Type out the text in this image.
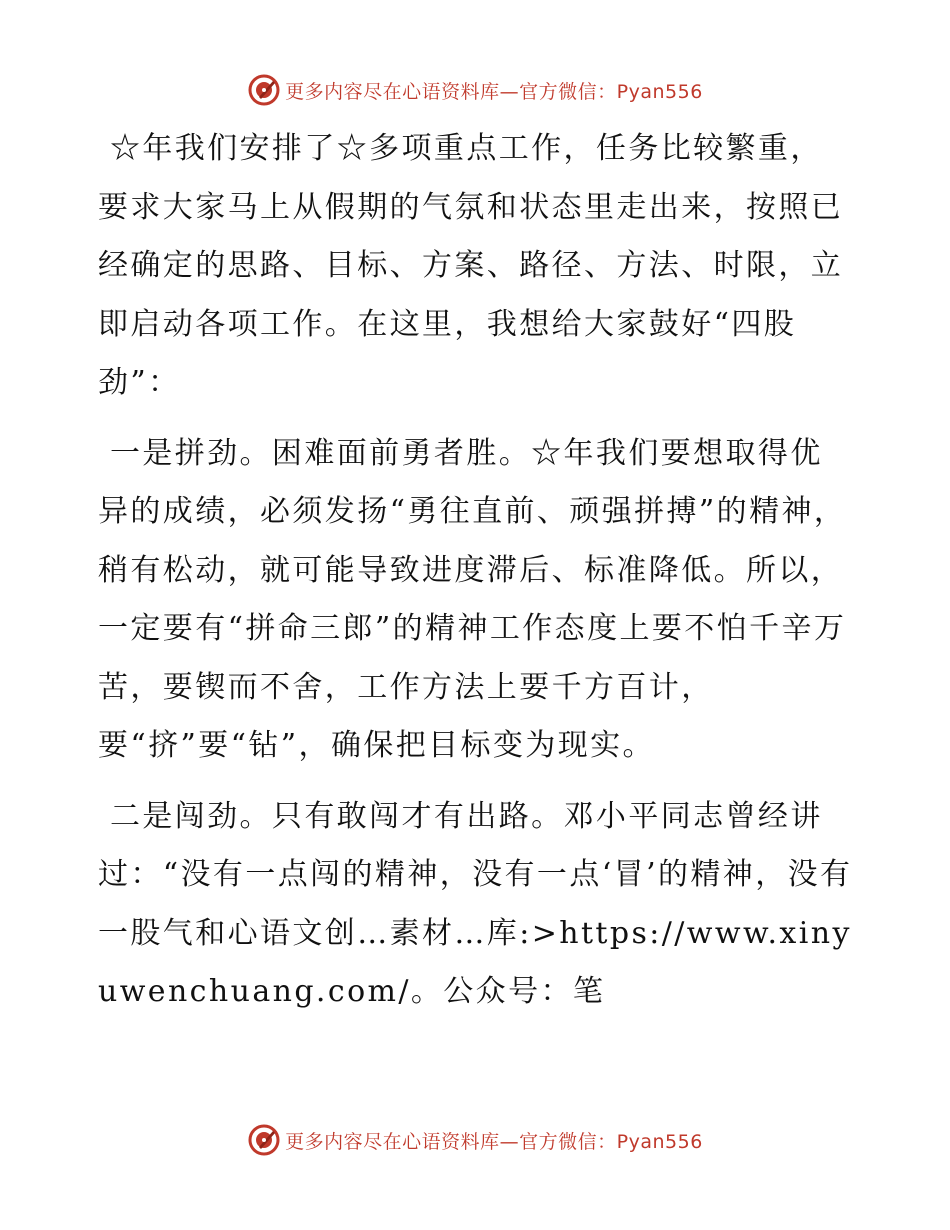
更多内容尽在心语资料库—官方微信：Pyan556

☆年我们安排了☆多项重点工作，任务比较繁重，要求大家马上从假期的气氛和状态里走出来，按照已经确定的思路、目标、方案、路径、方法、时限，立即启动各项工作。在这里，我想给大家鼓好“四股劲”：

一是拼劲。困难面前勇者胜。☆年我们要想取得优异的成绩，必须发扬“勇往直前、顽强拼搏”的精神，稍有松动，就可能导致进度滞后、标准降低。所以，一定要有“拼命三郎”的精神工作态度上要不怕千辛万苦，要锲而不舍，工作方法上要千方百计，要“挤”要“钻”，确保把目标变为现实。

二是闯劲。只有敢闯才有出路。邓小平同志曾经讲过：“没有一点闯的精神，没有一点‘冒’的精神，没有一股气和心语文创…素材…库:>https://www.xinyuwenchuang.com/。公众号：笔

更多内容尽在心语资料库—官方微信：Pyan556
